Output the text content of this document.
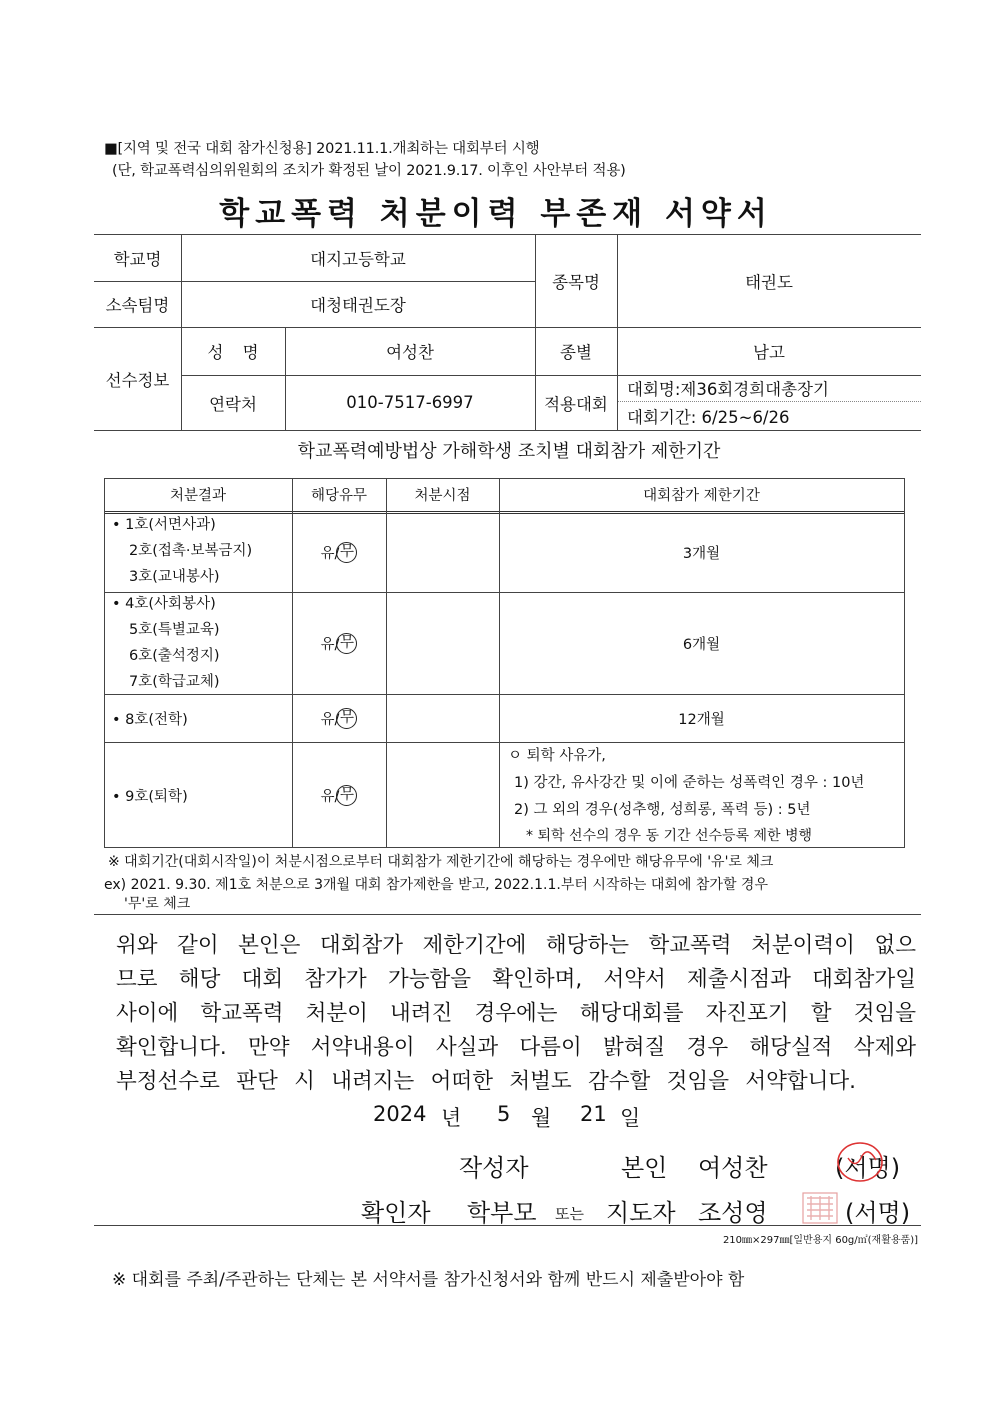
■[지역 및 전국 대회 참가신청용] 2021.11.1.개최하는 대회부터 시행
(단, 학교폭력심의위원회의 조치가 확정된 날이 2021.9.17. 이후인 사안부터 적용)
학교폭력 처분이력 부존재 서약서
학교명	대지고등학교
소속팀명	대청태권도장
종목명	태권도
선수정보
성 명	여성찬	종별	남고
연락처	010-7517-6997	적용대회
대회명:제36회경희대총장기
대회기간: 6/25~6/26
학교폭력예방법상 가해학생 조치별 대회참가 제한기간
처분결과	해당유무	처분시점	대회참가 제한기간
• 1호(서면사과)
2호(접촉·보복금지)
3호(교내봉사)
유/ 무	3개월
• 4호(사회봉사)
5호(특별교육)
6호(출석정지)
7호(학급교체)
유/ 무	6개월
• 8호(전학)	유/ 무	12개월
• 9호(퇴학)	유/ 무
ㅇ 퇴학 사유가,
1) 강간, 유사강간 및 이에 준하는 성폭력인 경우 : 10년
2) 그 외의 경우(성추행, 성희롱, 폭력 등) : 5년
* 퇴학 선수의 경우 동 기간 선수등록 제한 병행
※ 대회기간(대회시작일)이 처분시점으로부터 대회참가 제한기간에 해당하는 경우에만 해당유무에 '유'로 체크
ex) 2021. 9.30. 제1호 처분으로 3개월 대회 참가제한을 받고, 2022.1.1.부터 시작하는 대회에 참가할 경우
'무'로 체크
위와 같이 본인은 대회참가 제한기간에 해당하는 학교폭력 처분이력이 없으
므로 해당 대회 참가가 가능함을 확인하며, 서약서 제출시점과 대회참가일
사이에 학교폭력 처분이 내려진 경우에는 해당대회를 자진포기 할 것임을
확인합니다. 만약 서약내용이 사실과 다름이 밝혀질 경우 해당실적 삭제와
부정선수로 판단 시 내려지는 어떠한 처벌도 감수할 것임을 서약합니다.
2024 년 5 월 21 일
작성자	본인 여성찬	(서명)
확인자 학부모 또는 지도자 조성영	(서명)
210㎜×297㎜[일반용지 60g/㎡(재활용품)]
※ 대회를 주최/주관하는 단체는 본 서약서를 참가신청서와 함께 반드시 제출받아야 함
